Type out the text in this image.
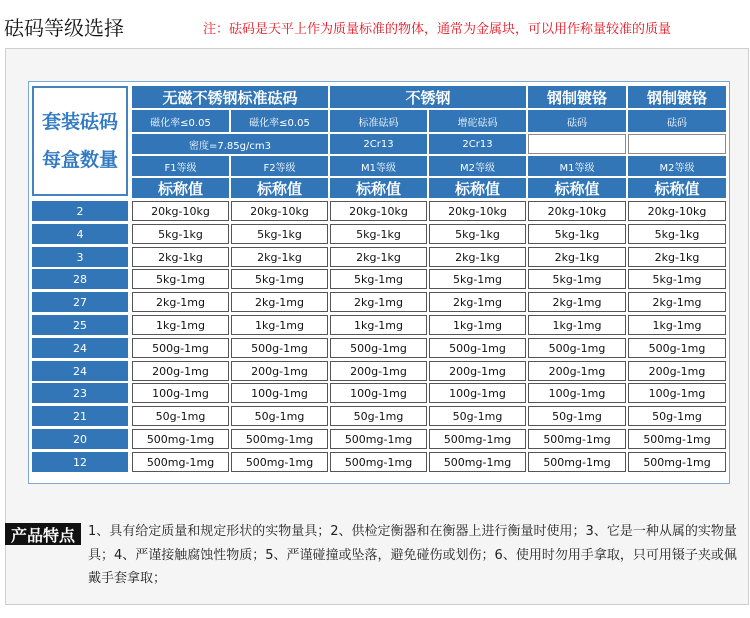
砝码等级选择	注：砝码是天平上作为质量标准的物体，通常为金属块，可以用作称量较准的质量
套装砝码
每盒数量
无磁不锈钢标准砝码	不锈钢	钢制镀铬	钢制镀铬
磁化率≤0.05	磁化率≤0.05	标准砝码	增砣砝码	砝码	砝码
密度=7.85g/cm3	2Cr13	2Cr13
F1等级	F2等级	M1等级	M2等级	M1等级	M2等级
标称值	标称值	标称值	标称值	标称值	标称值
2	20kg-10kg	20kg-10kg	20kg-10kg	20kg-10kg	20kg-10kg	20kg-10kg
4	5kg-1kg	5kg-1kg	5kg-1kg	5kg-1kg	5kg-1kg	5kg-1kg
3	2kg-1kg	2kg-1kg	2kg-1kg	2kg-1kg	2kg-1kg	2kg-1kg
28	5kg-1mg	5kg-1mg	5kg-1mg	5kg-1mg	5kg-1mg	5kg-1mg
27	2kg-1mg	2kg-1mg	2kg-1mg	2kg-1mg	2kg-1mg	2kg-1mg
25	1kg-1mg	1kg-1mg	1kg-1mg	1kg-1mg	1kg-1mg	1kg-1mg
24	500g-1mg	500g-1mg	500g-1mg	500g-1mg	500g-1mg	500g-1mg
24	200g-1mg	200g-1mg	200g-1mg	200g-1mg	200g-1mg	200g-1mg
23	100g-1mg	100g-1mg	100g-1mg	100g-1mg	100g-1mg	100g-1mg
21	50g-1mg	50g-1mg	50g-1mg	50g-1mg	50g-1mg	50g-1mg
20	500mg-1mg	500mg-1mg	500mg-1mg	500mg-1mg	500mg-1mg	500mg-1mg
12	500mg-1mg	500mg-1mg	500mg-1mg	500mg-1mg	500mg-1mg	500mg-1mg
产品特点	1、具有给定质量和规定形状的实物量具；2、供检定衡器和在衡器上进行衡量时使用；3、它是一种从属的实物量具；4、严谨接触腐蚀性物质；5、严谨碰撞或坠落，避免碰伤或划伤；6、使用时勿用手拿取，只可用镊子夹或佩戴手套拿取；
